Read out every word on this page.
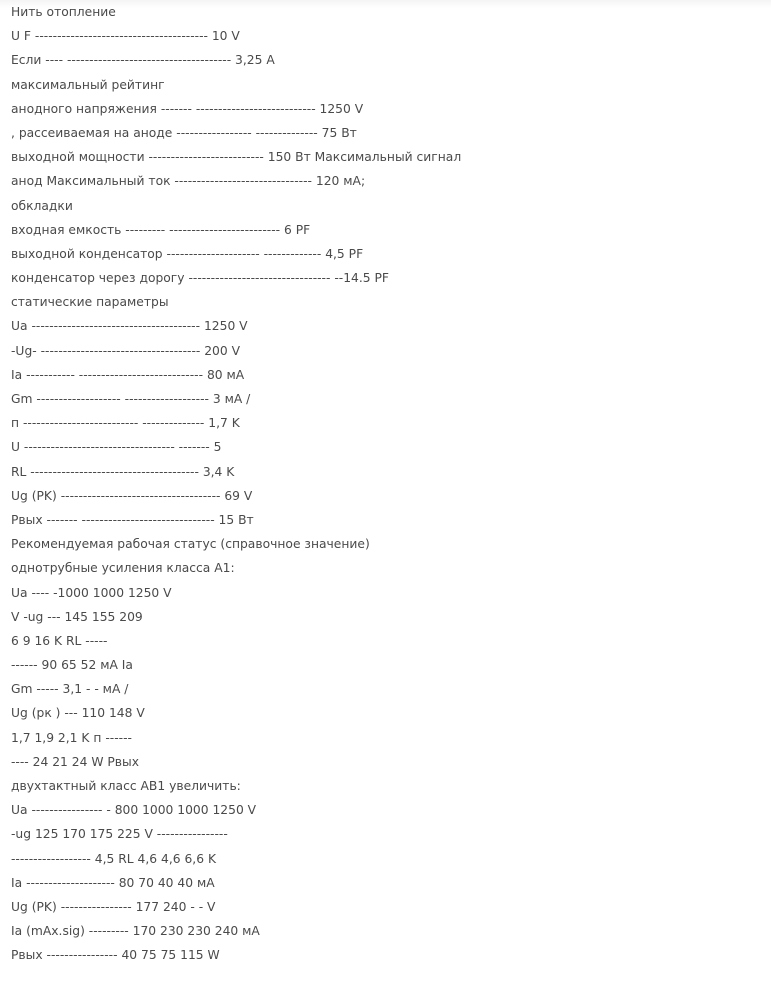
Нить отопление
U F --------------------------------------- 10 V
Если ---- ------------------------------------- 3,25 A
максимальный рейтинг
анодного напряжения ------- --------------------------- 1250 V
, рассеиваемая на аноде ----------------- -------------- 75 Вт
выходной мощности -------------------------- 150 Вт Максимальный сигнал
анод Максимальный ток ------------------------------- 120 мА;
обкладки
входная емкость --------- ------------------------- 6 PF
выходной конденсатор --------------------- ------------- 4,5 PF
конденсатор через дорогу -------------------------------- --14.5 PF
статические параметры
Ua -------------------------------------- 1250 V
-Ug- ------------------------------------ 200 V
Ia ----------- ---------------------------- 80 мА
Gm ------------------- ------------------- 3 мА /
п -------------------------- -------------- 1,7 K
U ---------------------------------- ------- 5
RL -------------------------------------- 3,4 K
Ug (PK) ------------------------------------ 69 V
Рвых ------- ------------------------------ 15 Вт
Рекомендуемая рабочая статус (справочное значение)
однотрубные усиления класса А1:
Ua ---- -1000 1000 1250 V
V -ug --- 145 155 209
6 9 16 K RL -----
------ 90 65 52 мА Ia
Gm ----- 3,1 - - мА /
Ug (рк ) --- 110 148 V
1,7 1,9 2,1 K п ------
---- 24 21 24 W Рвых
двухтактный класс AB1 увеличить:
Ua ---------------- - 800 1000 1000 1250 V
-ug 125 170 175 225 V ----------------
------------------ 4,5 RL 4,6 4,6 6,6 K
Ia -------------------- 80 70 40 40 мА
Ug (PK) ---------------- 177 240 - - V
Ia (mAx.sig) --------- 170 230 230 240 мА
Рвых ---------------- 40 75 75 115 W
